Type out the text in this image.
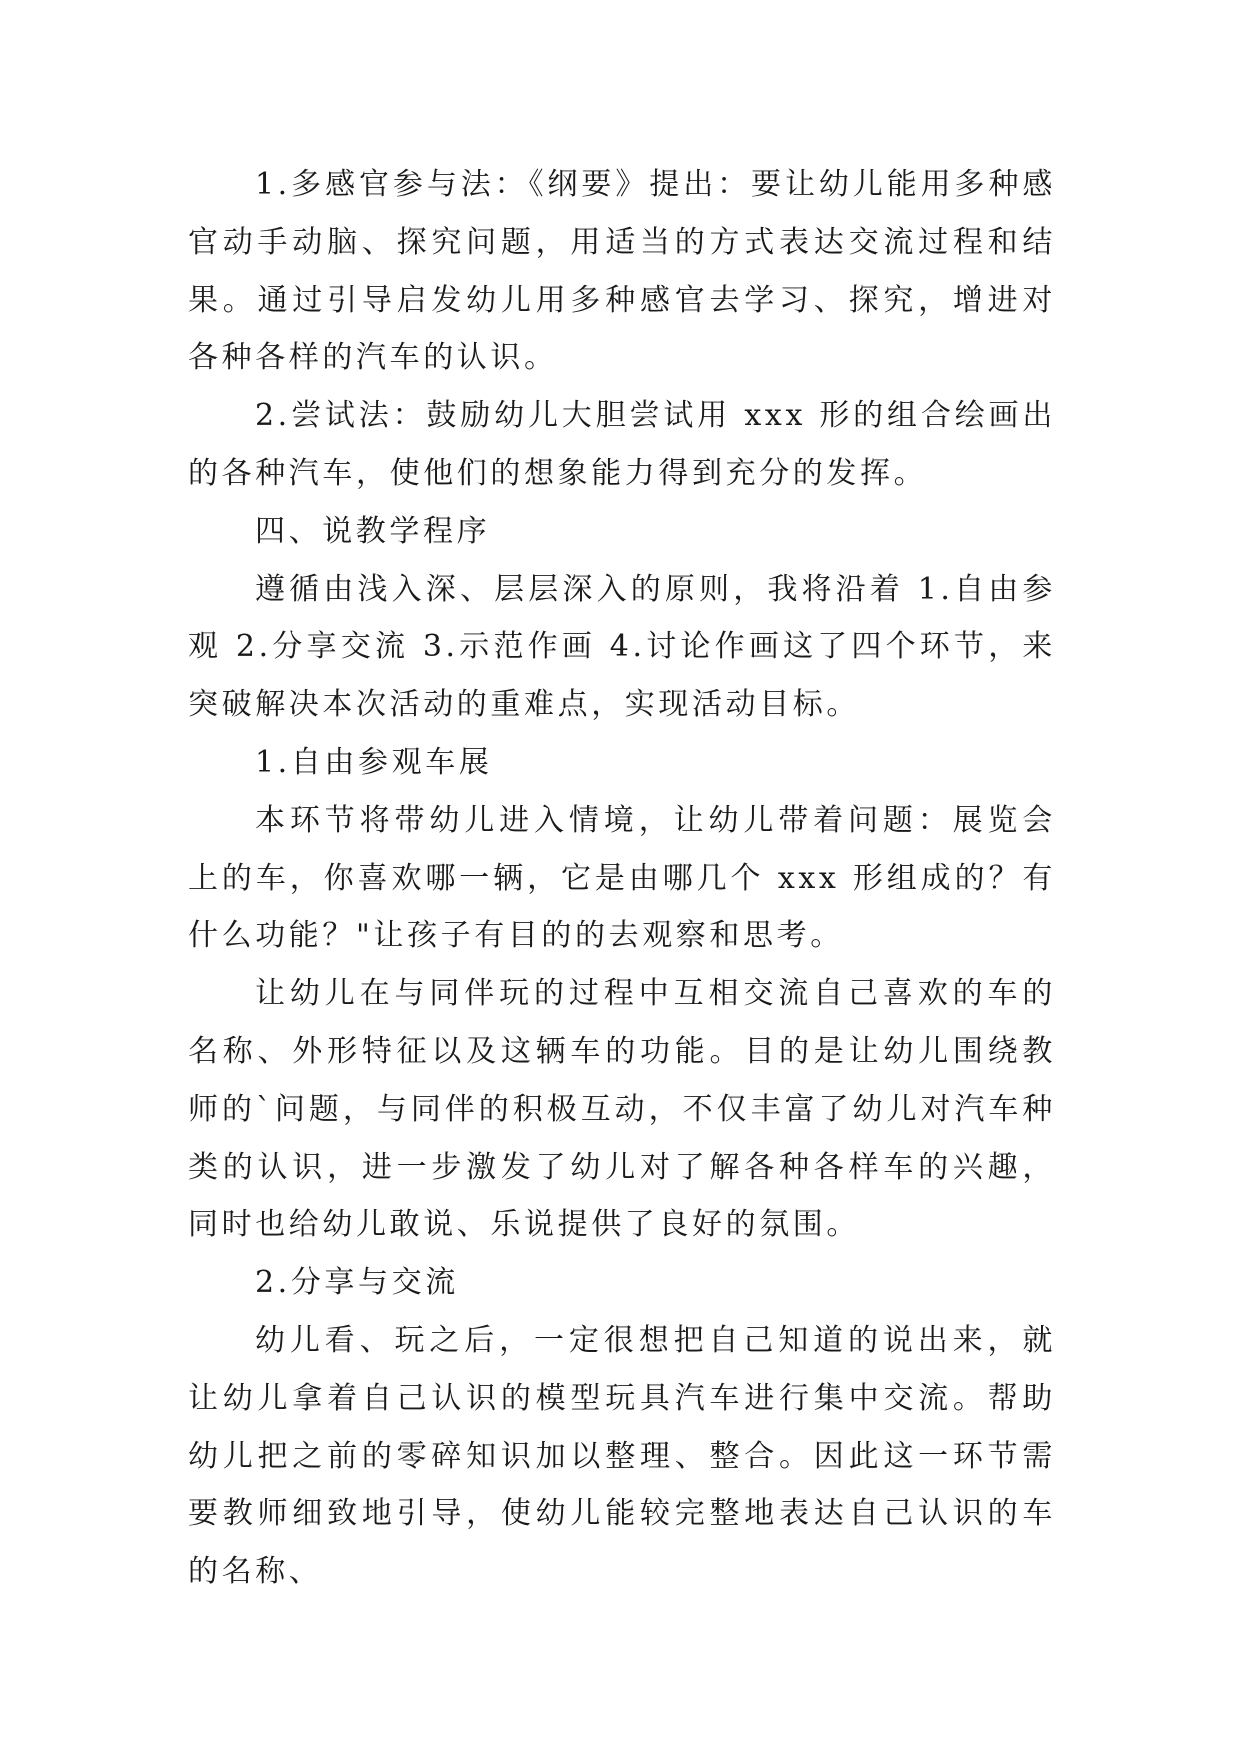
1.多感官参与法：《纲要》提出：要让幼儿能用多种感官动手动脑、探究问题，用适当的方式表达交流过程和结果。通过引导启发幼儿用多种感官去学习、探究，增进对各种各样的汽车的认识。

2.尝试法：鼓励幼儿大胆尝试用 xxx 形的组合绘画出的各种汽车，使他们的想象能力得到充分的发挥。

四、说教学程序

遵循由浅入深、层层深入的原则，我将沿着 1.自由参观 2.分享交流 3.示范作画 4.讨论作画这了四个环节，来突破解决本次活动的重难点，实现活动目标。

1.自由参观车展

本环节将带幼儿进入情境，让幼儿带着问题：展览会上的车，你喜欢哪一辆，它是由哪几个 xxx 形组成的？有什么功能？"让孩子有目的的去观察和思考。

让幼儿在与同伴玩的过程中互相交流自己喜欢的车的名称、外形特征以及这辆车的功能。目的是让幼儿围绕教师的`问题，与同伴的积极互动，不仅丰富了幼儿对汽车种类的认识，进一步激发了幼儿对了解各种各样车的兴趣，同时也给幼儿敢说、乐说提供了良好的氛围。

2.分享与交流

幼儿看、玩之后，一定很想把自己知道的说出来，就让幼儿拿着自己认识的模型玩具汽车进行集中交流。帮助幼儿把之前的零碎知识加以整理、整合。因此这一环节需要教师细致地引导，使幼儿能较完整地表达自己认识的车的名称、
